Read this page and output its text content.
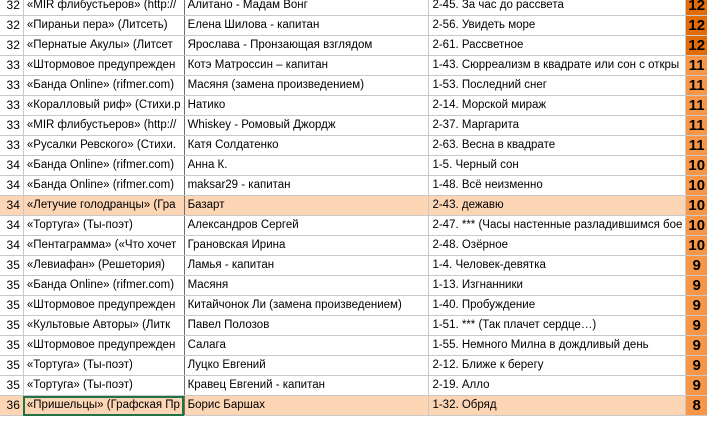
32	«MIR флибустьеров» (http://	Алитано - Мадам Вонг	2-45. За час до рассвета	12
32	«Пираньи пера» (Литсеть)	Елена Шилова - капитан	2-56. Увидеть море	12
32	«Пернатые Акулы» (Литсет	Ярослава - Пронзающая взглядом	2-61. Рассветное	12
33	«Штормовое предупрежден	Котэ Матроссин – капитан	1-43. Сюрреализм в квадрате или сон с откры	11
33	«Банда Online» (rifmer.com)	Масяня (замена произведением)	1-53. Последний снег	11
33	«Коралловый риф» (Стихи.р	Натико	2-14. Морской мираж	11
33	«MIR флибустьеров» (http://	Whiskey - Ромовый Джордж	2-37. Маргарита	11
33	«Русалки Ревского» (Стихи.	Катя Солдатенко	2-63. Весна в квадрате	11
34	«Банда Online» (rifmer.com)	Анна К.	1-5. Черный сон	10
34	«Банда Online» (rifmer.com)	maksar29 - капитан	1-48. Всё неизменно	10
34	«Летучие голодранцы» (Гра	Базарт	2-43. дежавю	10
34	«Тортуга» (Ты-поэт)	Александров Сергей	2-47. *** (Часы настенные разладившимся бое	10
34	«Пентаграмма» («Что хочет	Грановская Ирина	2-48. Озёрное	10
35	«Левиафан» (Решетория)	Ламья - капитан	1-4. Человек-девятка	9
35	«Банда Online» (rifmer.com)	Масяня	1-13. Изгнанники	9
35	«Штормовое предупрежден	Китайчонок Ли (замена произведением)	1-40. Пробуждение	9
35	«Культовые Авторы» (Литк	Павел Полозов	1-51. *** (Так плачет сердце…)	9
35	«Штормовое предупрежден	Салага	1-55. Немного Милна в дождливый день	9
35	«Тортуга» (Ты-поэт)	Луцко Евгений	2-12. Ближе к берегу	9
35	«Тортуга» (Ты-поэт)	Кравец Евгений - капитан	2-19. Алло	9
36	«Пришельцы» (Графская Пр	Борис Баршах	1-32. Обряд	8
